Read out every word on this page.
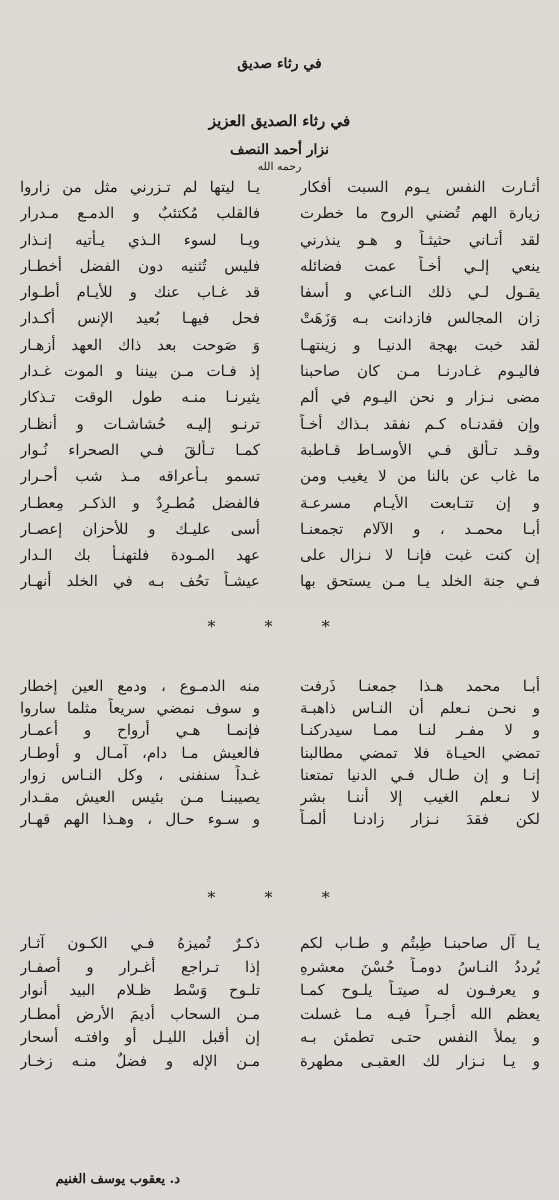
في رثاء صديق
في رثاء الصديق العزيز
نزار أحمد النصف
رحمه الله
أثـارت النفس يـوم السبت أفكار
يـا ليتها لم تـزرني مثل من زاروا
زيارة الهم تُضني الروح ما خطرت
فالقلب مُكتئبٌ و الدمـع مـدرار
لقد أتـاني حثيثـاً و هـو ينذرني
ويـا لسوء الـذي يـأتيه إنـذار
ينعي إلـي أخـاً عمت فضائله
فليس تُثنيه دون الفضل أخطـار
يقـول لـي ذلك النـاعي و أسفا
قد غـاب عنك و للأيـام أطـوار
زان المجالس فازدانت بـه وَزَهَتْ
فحل فيهـا بُعيد الإنس أكـدار
لقد خبت بهجة الدنيـا و زينتهـا
وَ صَوحت بعد ذاك العهد أزهـار
فاليـوم غـادرنـا مـن كان صاحبنا
إذ فـات مـن بيننا و الموت غـدار
مضى نـزار و نحن اليـوم في ألم
يثيرنـا منـه طول الوقت تـذكار
وإن فقدنـاه كـم نفقد بـذاك أخـاً
ترنـو إليـه حُشاشـات و أنظـار
وقـد تـألق فـي الأوسـاط قـاطبة
كمـا تـألقَ فـي الصحراء نُـوار
ما غاب عن بالنا من لا يغيب ومن
تسمو بـأعراقه مـذ شب أحـرار
و إن تتـابعت الأيـام مسرعـة
فالفضل مُطـرِدٌ و الذكـر مِعطـار
أبـا محمـد ، و الآلام تجمعنـا
أسى عليـك و للأحزان إعصـار
إن كنت غبت فإنـا لا نـزال على
عهد المـودة فلتهنـأ بك الـدار
فـي جنة الخلد يـا مـن يستحق بها
عيشـاً تحُف بـه في الخلد أنهـار
* * *
أبـا محمد هـذا جمعنـا ذَرفت
منه الدمـوع ، ودمع العين إخطار
و نحـن نـعلم أن النـاس ذاهبـة
و سوف نمضي سريعاً مثلما ساروا
و لا مفـر لنـا ممـا سيدركنـا
فإنمـا هـي أرواح و أعمـار
تمضي الحيـاة فلا تمضي مطالبنا
فالعيش مـا دام، آمـال و أوطـار
إنـا و إن طـال فـي الدنيا تمتعنا
غـداً سنفنى ، وكل النـاس زوار
لا نـعلم الغيب إلا أننـا بشر
يصيبنـا مـن بئيس العيش مقـدار
لكن فقدَ نـزار زادنـا ألمـاً
و سـوء حـال ، وهـذا الهم قهـار
* * *
يـا آل صاحبنـا طِبتُم و طـاب لكم
ذكـرٌ تُميزهُ فـي الكـون آثـار
يُرددُ النـاسُ دومـاً حُسْنَ معشرهِ
إذا تـراجع أغـرار و أصفـار
و يعرفـون له صيتـاً يلـوح كمـا
تلـوح وَسْط ظـلام البيد أنوار
يعظم الله أجـراً فيـه مـا غسلت
مـن السحاب أديمَ الأرض أمطـار
و يملأ النفس حتـى تطمئن بـه
إن أقبل الليـل أو وافتـه أسحار
و يـا نـزار لك العقبـى مطهرة
مـن الإله و فضلٌ منـه زخـار
د. يعقوب يوسف الغنيم
